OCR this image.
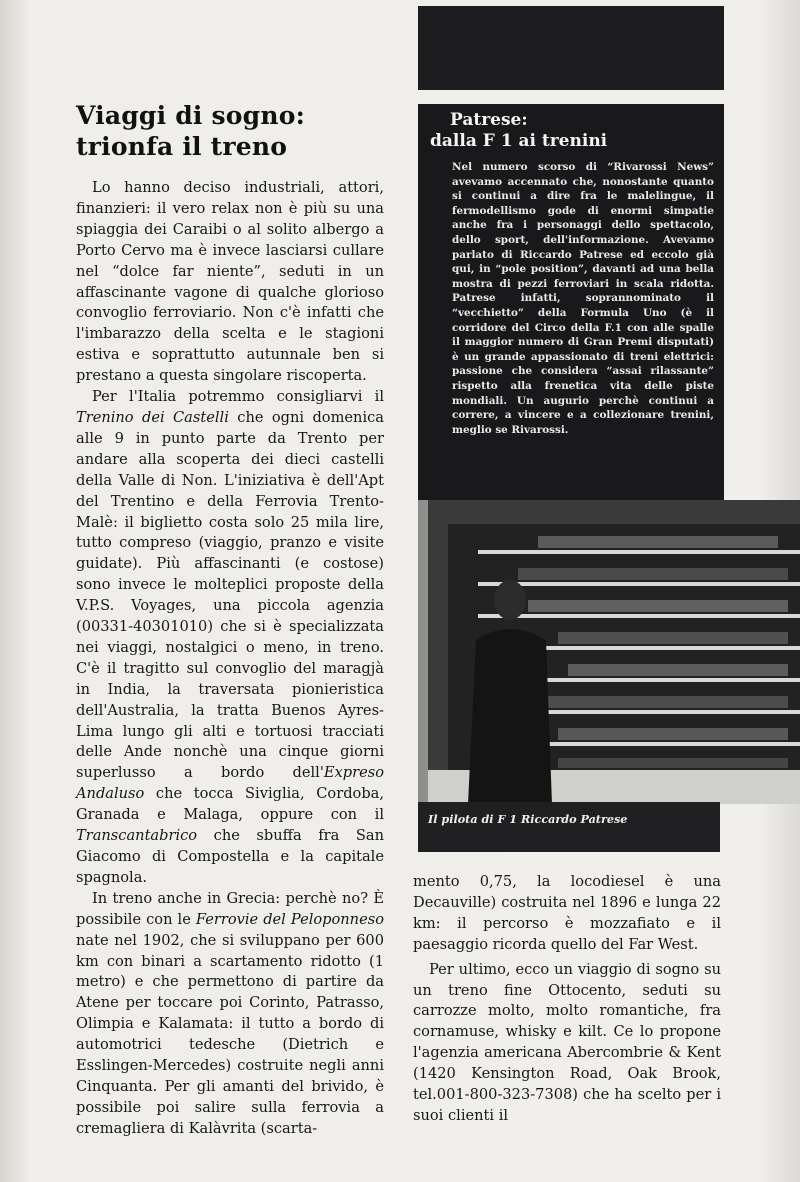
Viaggi di sogno:
trionfa il treno

Lo hanno deciso industriali, attori, finanzieri: il vero relax non è più su una spiaggia dei Caraibi o al solito albergo a Porto Cervo ma è invece lasciarsi cullare nel “dolce far niente”, seduti in un affascinante vagone di qualche glorioso convoglio ferroviario. Non c'è infatti che l'imbarazzo della scelta e le stagioni estiva e soprattutto autunnale ben si prestano a questa singolare riscoperta.

Per l'Italia potremmo consigliarvi il Trenino dei Castelli che ogni domenica alle 9 in punto parte da Trento per andare alla scoperta dei dieci castelli della Valle di Non. L'iniziativa è dell'Apt del Trentino e della Ferrovia Trento-Malè: il biglietto costa solo 25 mila lire, tutto compreso (viaggio, pranzo e visite guidate). Più affascinanti (e costose) sono invece le molteplici proposte della V.P.S. Voyages, una piccola agenzia (00331-40301010) che si è specializzata nei viaggi, nostalgici o meno, in treno. C'è il tragitto sul convoglio del maragjà in India, la traversata pionieristica dell'Australia, la tratta Buenos Ayres-Lima lungo gli alti e tortuosi tracciati delle Ande nonchè una cinque giorni superlusso a bordo dell'Expreso Andaluso che tocca Siviglia, Cordoba, Granada e Malaga, oppure con il Transcantabrico che sbuffa fra San Giacomo di Compostella e la capitale spagnola.

In treno anche in Grecia: perchè no? È possibile con le Ferrovie del Peloponneso nate nel 1902, che si sviluppano per 600 km con binari a scartamento ridotto (1 metro) e che permettono di partire da Atene per toccare poi Corinto, Patrasso, Olimpia e Kalamata: il tutto a bordo di automotrici tedesche (Dietrich e Esslingen-Mercedes) costruite negli anni Cinquanta. Per gli amanti del brivido, è possibile poi salire sulla ferrovia a cremagliera di Kalàvrita (scarta-

Patrese:
dalla F 1 ai trenini
Nel numero scorso di “Rivarossi News” avevamo accennato che, nonostante quanto si continui a dire fra le malelingue, il fermodellismo gode di enormi simpatie anche fra i personaggi dello spettacolo, dello sport, dell'informazione. Avevamo parlato di Riccardo Patrese ed eccolo già qui, in “pole position”, davanti ad una bella mostra di pezzi ferroviari in scala ridotta. Patrese infatti, soprannominato il “vecchietto” della Formula Uno (è il corridore del Circo della F.1 con alle spalle il maggior numero di Gran Premi disputati) è un grande appassionato di treni elettrici: passione che considera “assai rilassante” rispetto alla frenetica vita delle piste mondiali. Un augurio perchè continui a correre, a vincere e a collezionare trenini, meglio se Rivarossi.
Il pilota di F 1 Riccardo Patrese

mento 0,75, la locodiesel è una Decauville) costruita nel 1896 e lunga 22 km: il percorso è mozzafiato e il paesaggio ricorda quello del Far West.

Per ultimo, ecco un viaggio di sogno su un treno fine Ottocento, seduti su carrozze molto, molto romantiche, fra cornamuse, whisky e kilt. Ce lo propone l'agenzia americana Abercombrie & Kent (1420 Kensington Road, Oak Brook, tel.001-800-323-7308) che ha scelto per i suoi clienti il
